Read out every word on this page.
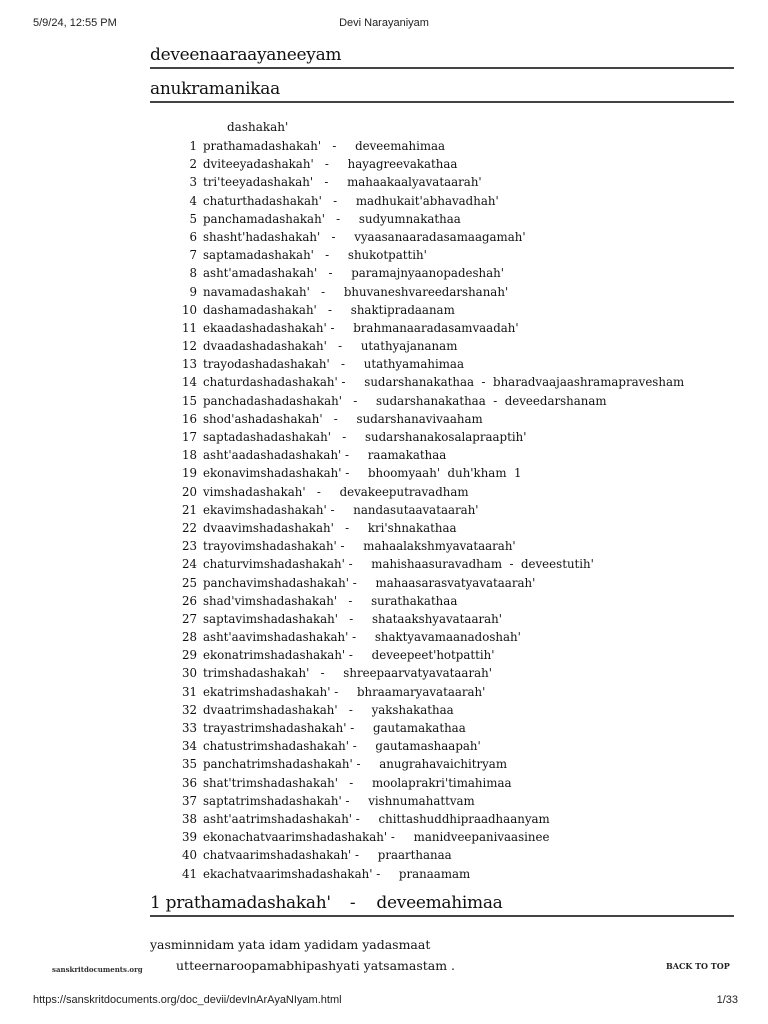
5/9/24, 12:55 PM	Devi Narayaniyam
deveenaaraayaneeyam
anukramanikaa
dashakah'
1 prathamadashakah'   -     deveemahimaa
2 dviteeyadashakah'   -     hayagreevakathaa
3 tri'teeyadashakah'   -     mahaakaalyavataarah'
4 chaturthadashakah'   -     madhukait'abhavadhah'
5 panchamadashakah'   -     sudyumnakathaa
6 shasht'hadashakah'   -     vyaasanaaradasamaagamah'
7 saptamadashakah'   -     shukotpattih'
8 asht'amadashakah'   -     paramajnyaanopadeshah'
9 navamadashakah'   -     bhuvaneshvareedarshanah'
10 dashamadashakah'   -     shaktipradaanam
11 ekaadashadashakah' -     brahmanaaradasamvaadah'
12 dvaadashadashakah'   -     utathyajananam
13 trayodashadashakah'   -     utathyamahimaa
14 chaturdashadashakah' -     sudarshanakathaa  -  bharadvaajaashramapravesham
15 panchadashadashakah'   -     sudarshanakathaa  -  deveedarshanam
16 shod'ashadashakah'   -     sudarshanavivaaham
17 saptadashadashakah'   -     sudarshanakosalapraaptih'
18 asht'aadashadashakah' -     raamakathaa
19 ekonavimshadashakah' -     bhoomyaah'  duh'kham  1
20 vimshadashakah'   -     devakeeputravadham
21 ekavimshadashakah' -     nandasutaavataarah'
22 dvaavimshadashakah'   -     kri'shnakathaa
23 trayovimshadashakah' -     mahaalakshmyavataarah'
24 chaturvimshadashakah' -     mahishaasuravadham  -  deveestutih'
25 panchavimshadashakah' -     mahaasarasvatyavataarah'
26 shad'vimshadashakah'   -     surathakathaa
27 saptavimshadashakah'   -     shataakshyavataarah'
28 asht'aavimshadashakah' -     shaktyavamaanadoshah'
29 ekonatrimshadashakah' -     deveepeet'hotpattih'
30 trimshadashakah'   -     shreepaarvatyavataarah'
31 ekatrimshadashakah' -     bhraamaryavataarah'
32 dvaatrimshadashakah'   -     yakshakathaa
33 trayastrimshadashakah' -     gautamakathaa
34 chatustrimshadashakah' -     gautamashaapah'
35 panchatrimshadashakah' -     anugrahavaichitryam
36 shat'trimshadashakah'   -     moolaprakri'timahimaa
37 saptatrimshadashakah' -     vishnumahattvam
38 asht'aatrimshadashakah' -     chittashuddhipraadhaanyam
39 ekonachatvaarimshadashakah' -     manidveepanivaasinee
40 chatvaarimshadashakah' -     praarthanaa
41 ekachatvaarimshadashakah' -     pranaamam
1 prathamadashakah' - deveemahimaa
yasminnidam yata idam yadidam yadasmaat
utteernaroopamabhipashyati yatsamastam .
sanskritdocuments.org	BACK TO TOP
https://sanskritdocuments.org/doc_devii/devInArAyaNIyam.html	1/33
